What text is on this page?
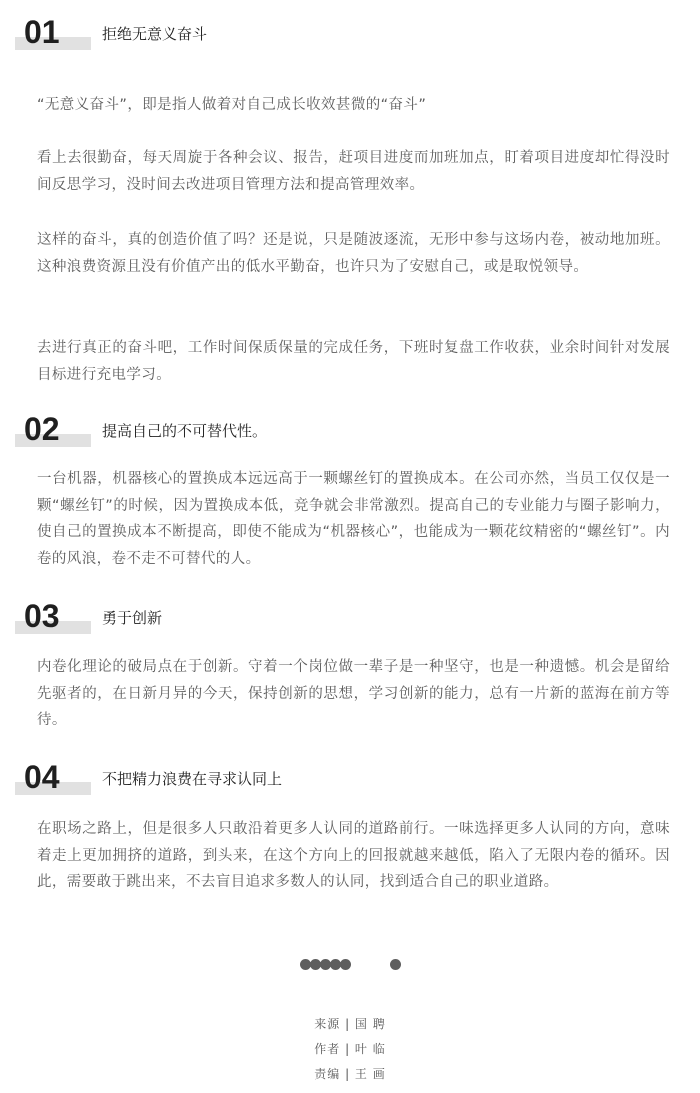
01	拒绝无意义奋斗

“无意义奋斗”，即是指人做着对自己成长收效甚微的“奋斗”

看上去很勤奋，每天周旋于各种会议、报告，赶项目进度而加班加点，盯着项目进度却忙得没时间反思学习，没时间去改进项目管理方法和提高管理效率。

这样的奋斗，真的创造价值了吗？还是说，只是随波逐流，无形中参与这场内卷，被动地加班。这种浪费资源且没有价值产出的低水平勤奋，也许只为了安慰自己，或是取悦领导。

去进行真正的奋斗吧，工作时间保质保量的完成任务，下班时复盘工作收获，业余时间针对发展目标进行充电学习。

02	提高自己的不可替代性。

一台机器，机器核心的置换成本远远高于一颗螺丝钉的置换成本。在公司亦然，当员工仅仅是一颗“螺丝钉”的时候，因为置换成本低，竞争就会非常激烈。提高自己的专业能力与圈子影响力，使自己的置换成本不断提高，即使不能成为“机器核心”，也能成为一颗花纹精密的“螺丝钉”。内卷的风浪，卷不走不可替代的人。

03	勇于创新

内卷化理论的破局点在于创新。守着一个岗位做一辈子是一种坚守，也是一种遗憾。机会是留给先驱者的，在日新月异的今天，保持创新的思想，学习创新的能力，总有一片新的蓝海在前方等待。

04	不把精力浪费在寻求认同上

在职场之路上，但是很多人只敢沿着更多人认同的道路前行。一味选择更多人认同的方向，意味着走上更加拥挤的道路，到头来，在这个方向上的回报就越来越低，陷入了无限内卷的循环。因此，需要敢于跳出来，不去盲目追求多数人的认同，找到适合自己的职业道路。

来源 | 国 聘
作者 | 叶 临
责编 | 王 画
